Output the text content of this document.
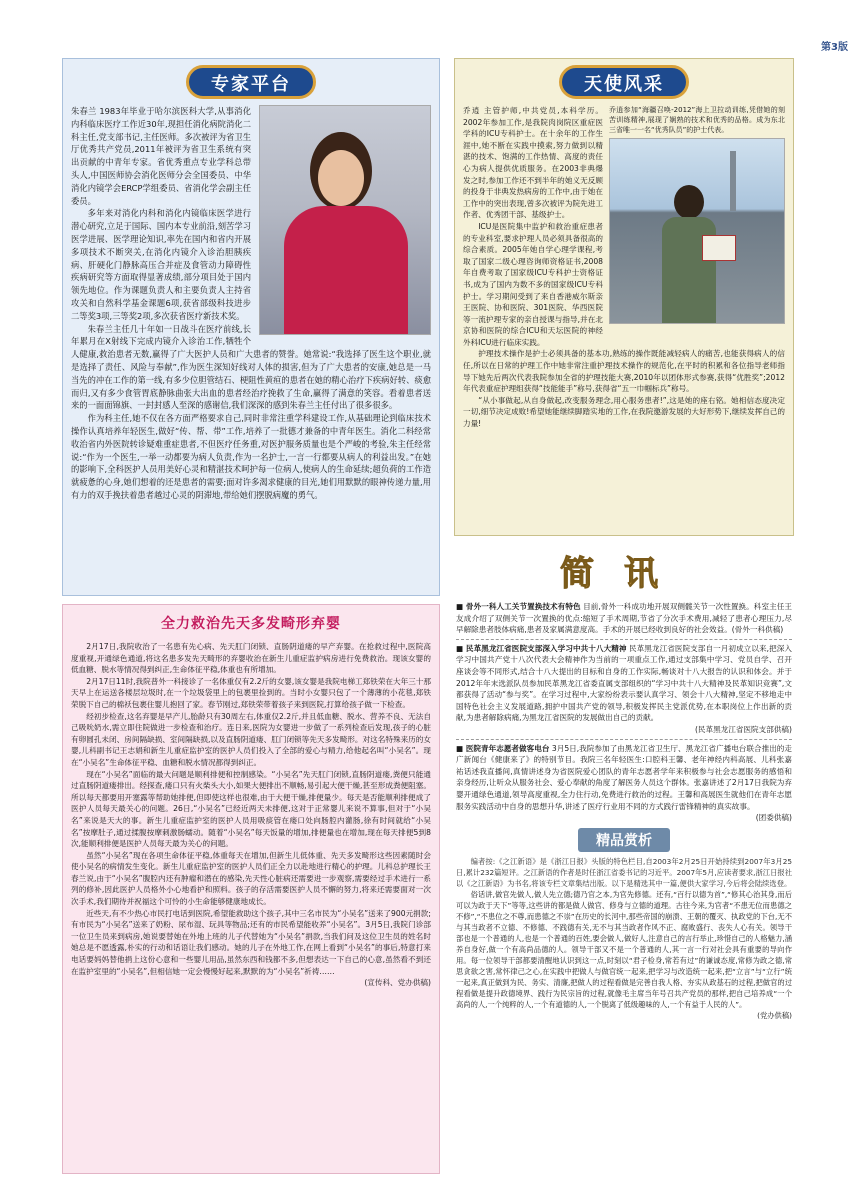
第3版
专家平台

朱春兰 1983年毕业于哈尔滨医科大学,从事消化内科临床医疗工作近30年,现担任消化病院消化二科主任,党支部书记,主任医师。多次被评为省卫生厅优秀共产党员,2011年被评为省卫生系统有突出贡献的中青年专家。省优秀重点专业学科总带头人,中国医师协会消化医师分会全国委员、中华消化内镜学会ERCP学组委员、省消化学会副主任委员。

多年来对消化内科和消化内镜临床医学进行潜心研究,立足于国际、国内本专业前沿,刻苦学习医学进展、医学理论知识,率先在国内和省内开展多项技术不断突关,在消化内镜介入诊治胆胰疾病、肝硬化门静脉高压合并症及食管动力障碍性疾病研究等方面取得显著成绩,部分项目处于国内领先地位。作为课题负责人和主要负责人主持省攻关和自然科学基金课题6项,获省部级科技进步二等奖3项,三等奖2项,多次获省医疗新技术奖。

朱春兰主任几十年如一日战斗在医疗前线,长年累月在X射线下完成内镜介入诊治工作,牺牲个人健康,救治患者无数,赢得了广大医护人员和广大患者的赞誉。她常说:“我选择了医生这个职业,就是选择了责任、风险与奉献”,作为医生深知好线对人体的损害,但为了广大患者的安康,她总是一马当先的冲在工作的第一线,有多少位胆管结石、梗阻性黄疸的患者在她的精心治疗下疾病好转、痰愈而归,又有多少食管胃底静脉曲张大出血的患者经治疗挽救了生命,赢得了满意的笑容。看着患者送来的一面面锦旗、一封封感人至深的感谢信,我们深深的感到朱春兰主任付出了很多很多。

作为科主任,她不仅在各方面严格要求自己,同时非常注重学科建设工作,从基础理论到临床技术操作认真培养年轻医生,做好“传、帮、带”工作,培养了一批德才兼备的中青年医生。消化二科经常收治省内外医院转诊疑难重症患者,不但医疗任务重,对医护服务质量也是个严峻的考验,朱主任经常说:“作为一个医生,一举一动都要为病人负责,作为一名护士,一言一行都要从病人的利益出发。”在她的影响下,全科医护人员用美好心灵和精湛技术呵护每一位病人,使病人的生命延续;超负荷的工作造就疲惫的心身,她们想着的还是患者的需要;面对许多渴求健康的目光,她们用默默的眼神传递力量,用有力的双手挽扶着患者越过心灵的阴滞地,带给她们摆脱病魔的勇气。

天使风采
乔逍参加“海疆召唤-2012”海上卫拉动训练,凭借她的刻苦训练精神,展现了娴熟的技术和优秀的品格。成为东北三省唯一一名“优秀队员”的护士代表。

乔逍 主管护师,中共党员,本科学历。2002年参加工作,是我院肉岗院区重症医学科的ICU专科护士。在十余年的工作生涯中,她不断在实践中摸索,努力做到以精湛的技术、饱满的工作热情、高度的责任心为病人提供优质服务。在2003非典爆发之时,参加工作还不到半年的她义无反顾的投身于非典发热病房的工作中,由于她在工作中的突出表现,曾多次被评为院先进工作者、优秀团干部、基级护士。

ICU是医院集中监护和救治重症患者的专业科室,要求护理人员必须具备很高的综合素质。2005年她自学心理学课程,考取了国家二级心理咨询师资格证书,2008年自费考取了国家级ICU专科护士资格证书,成为了国内为数不多的国家级ICU专科护士。学习期间受到了来自香港威尔斯亲王医院、协和医院、301医院、华西医院等一流护理专家的亲自授课与指导,并在北京协和医院的综合ICU和天坛医院的神经外科ICU进行临床实践。

护理技术操作是护士必须具备的基本功,熟练的操作既能减轻病人的痛苦,也能获得病人的信任,所以在日常的护理工作中她非常注重护理技术操作的规范化,在平时的积累和各位指导老师指导下她先后两次代表我院参加全省的护理技能大赛,2010年以团体形式参赛,获得“优胜奖”;2012年代表重症护理组获得“技能能手”称号,获得省“五一巾帼标兵”称号。

“从小事做起,从自身做起,改变服务理念,用心服务患者!”,这是她的座右铭。她相信态度决定一切,细节决定成败!希望她能继续脚踏实地的工作,在我院邀游发展的大好形势下,继续发挥自己的力量!

全力救治先天多发畸形弃婴

2月17日,我院收治了一名患有先心病、先天肛门闭锁、直肠阴道瘘的早产弃婴。在抢救过程中,医院高度重视,开通绿色通道,将这名患多发先天畸形的弃婴收治在新生儿重症监护病房进行免费救治。现该女婴的低血糖、脱水等情况得到纠正,生命体征平稳,体重也有所增加。

2月17日11时,我院普外一科接诊了一名体重仅有2.2斤的女婴,该女婴是我院电梯工郑铁荣在大年三十那天早上在运送各楼层垃圾时,在一个垃圾袋里上的包裹里捡到的。当时小女婴只包了一个薄薄的小花毯,郑铁荣脱下自己的棉袄包裹住婴儿抱回了家。春节刚过,郑铁荣带着孩子来到医院,打算给孩子做一下检查。

经初步检查,这名弃婴是早产儿,胎龄只有30周左右,体重仅2.2斤,并且低血糖、脱水、营养不良、无法自己吸吮奶水,需立即住院做进一步检查和治疗。连日来,医院为女婴进一步做了一系列检查后发现,孩子的心脏有卵圆孔未闭、房间隔缺损、室间隔缺损,以及直肠阴道瘘、肛门闭锁等先天多发畸形。对这名特殊来历的女婴,儿科副书记王志娟和新生儿重症监护室的医护人员们投入了全部的爱心与精力,给他起名叫“小吴名”。现在“小吴名”生命体征平稳、血糖和脱水情况都得到纠正。

现在“小吴名”面临的最大问题是顺利排便和控制感染。“小吴名”先天肛门闭锁,直肠阴道瘘,粪便只能通过直肠阴道瘘排出。经探查,瘘口只有火柴头大小,如果大便排出不顺畅,易引起大便干燥,甚至形成粪便阻塞。所以每天都要用开塞露等帮助她排便,但即使这样也很难,由于大便干燥,排便量少。每天是否能顺利排便成了医护人员每天最关心的问题。26日,“小吴名”已经近两天未排便,这对于正常婴儿来说不算事,但对于“小吴名”来说是天大的事。新生儿重症监护室的医护人员用吸痰管在瘘口处向肠腔内灌肠,徐有时间就给“小吴名”按摩肚子,通过揉腹按摩刺激肠蠕动。随着“小吴名”每天饭量的增加,排便量也在增加,现在每天排便5到8次,能顺利排便是医护人员每天最为关心的问题。

虽然“小吴名”现在各项生命体征平稳,体重每天在增加,但新生儿低体重、先天多发畸形这些因素随时会使小吴名的病情发生变化。新生儿重症监护室的医护人员们正全力以赴地进行精心的护理。儿科总护理长王春兰说,由于“小吴名”腹腔内还有肿瘤和潜在的感染,先天性心脏病还需要进一步观察,需要经过手术进行一系列的修补,因此医护人员格外小心地看护和照料。孩子的存活需要医护人员不懈的努力,将来还需要面对一次次手术,我们期待并祝福这个可怜的小生命能够健康地成长。

近些天,有不少热心市民打电话到医院,希望能救助这个孩子,其中三名市民为“小吴名”送来了900元捐款;有市民为“小吴名”送来了奶粉、尿布湿、玩具等物品;还有的市民希望能收养“小吴名”。3月5日,我院门诊部一位卫生员来到病房,她说要替她在外地上班的儿子代替她为“小吴名”捐款,当我们问及这位卫生员的姓名时她总是不愿透露,朴实的行动和话语让我们感动。她的儿子在外地工作,在网上看到“小吴名”的事后,特意打来电话要妈妈替他捐上这份心意和一些婴儿用品,虽然东西和钱都不多,但想表达一下自己的心意,虽然看不到还在监护室里的“小吴名”,但相信她一定会慢慢好起来,默默的为“小吴名”祈祷……

(宣传科、党办供稿)

简讯
■ 骨外一科人工关节置换技术有特色 目前,骨外一科成功地开展双侧髋关节一次性置换。科室主任王友成介绍了双侧关节一次置换的优点:缩短了手术周期,节省了分次手术费用,减轻了患者心理压力,尽早解除患者肢体病痛,患者及家属满意度高。手术的开展已经收到良好的社会效益。(骨外一科供稿)
■ 民革黑龙江省医院支部深入学习中共十八大精神 民革黑龙江省医院支部自一月初成立以来,把深入学习中国共产党十八次代表大会精神作为当前的一项重点工作,通过支部集中学习、党员自学、召开座谈会等不同形式,结合十八大提出的目标和自身的工作实际,畅谈对十八大报告的认识和体会。并于2012年年末选派队员参加民革黑龙江省委直属支部组织的“学习中共十八大精神及民革知识竞赛”,文都获得了活动“参与奖”。在学习过程中,大家纷纷表示要认真学习、领会十八大精神,坚定不移地走中国特色社会主义发展道路,拥护中国共产党的领导,积极发挥民主党派优势,在本职岗位上作出新的贡献,为患者解除病痛,为黑龙江省医院的发展做出自己的贡献。
(民革黑龙江省医院支部供稿)
■ 医院青年志愿者做客电台 3月5日,我院参加了由黑龙江省卫生厅、黑龙江省广播电台联合推出的走广新闻台《健康来了》的特别节目。我院三名年轻医生:口腔科王馨、老年神经内科高展、儿科张嘉祐话述我直播间,真情讲述身为省医院爱心团队的青年志愿者学年来积极参与社会志愿服务的感悟和亲身经历,让听众从服务社会、爱心奉献的角度了解医务人员这个群体。张嘉讲述了2月17日我院为弃婴开通绿色通道,领导高度重视,全力住行动,免费进行救治的过程。王馨和高展医生就他们在青年志愿服务实践活动中自身的思想升华,讲述了医疗行业用不同的方式践行雷锋精神的真实故事。
(团委供稿)
精品赏析

编者按:《之江新语》是《浙江日报》头版的特色栏目,自2003年2月25日开始持续到2007年3月25日,累计232篇短评。之江新语的作者是时任浙江省委书记的习近平。2007年5月,应读者要求,浙江日报社以《之江新语》为书名,将该专栏文章集结出版。以下是精选其中一篇,便供大家学习,今后将会陆续选登。

俗话讲,做官先做人,做人先立德;德乃官之本,为官先修德。还有,“百行以德为首”,“修其心治其身,而后可以为政于天下”等等,这些讲的都是做人做官、修身与立德的道理。古往今来,为官者“不患无位而患德之不修”,“不患位之不尊,而患德之不崇”在历史的长河中,那些帝国的崩溃、王朝的覆灭、执政党的下台,无不与其当政者不立德、不修德、不践德有关,无不与其当政者作风不正、腐败盛行、丧失人心有关。领导干部也是一个普通的人,也是一个普通的百姓,要会做人,做好人,注意自己的言行举止,珍惜自己的人格魅力,涵养自身好,做一个有高尚品德的人。领导干部又不是一个普通的人,其一言一行对社会具有重要的导向作用。每一位领导干部都要清醒地认识到这一点,时刻以“君子检身,常若有过”的谦诚态度,常修为政之德,常思贪欲之害,常怀律己之心,在实践中把做人与做官统一起来,把学习与改造统一起来,把“立言”与“立行”统一起来,真正做到为民、务实、清廉,把做人的过程看做是完善自我人格、夯实从政基石的过程,把做官的过程看做是提升政德境界、践行为民宗旨的过程,就像毛主席当年号召共产党员的那样,把自己培养成“一个高尚的人,一个纯粹的人,一个有道德的人,一个脱离了低级趣味的人,一个有益于人民的人”。

(党办供稿)
